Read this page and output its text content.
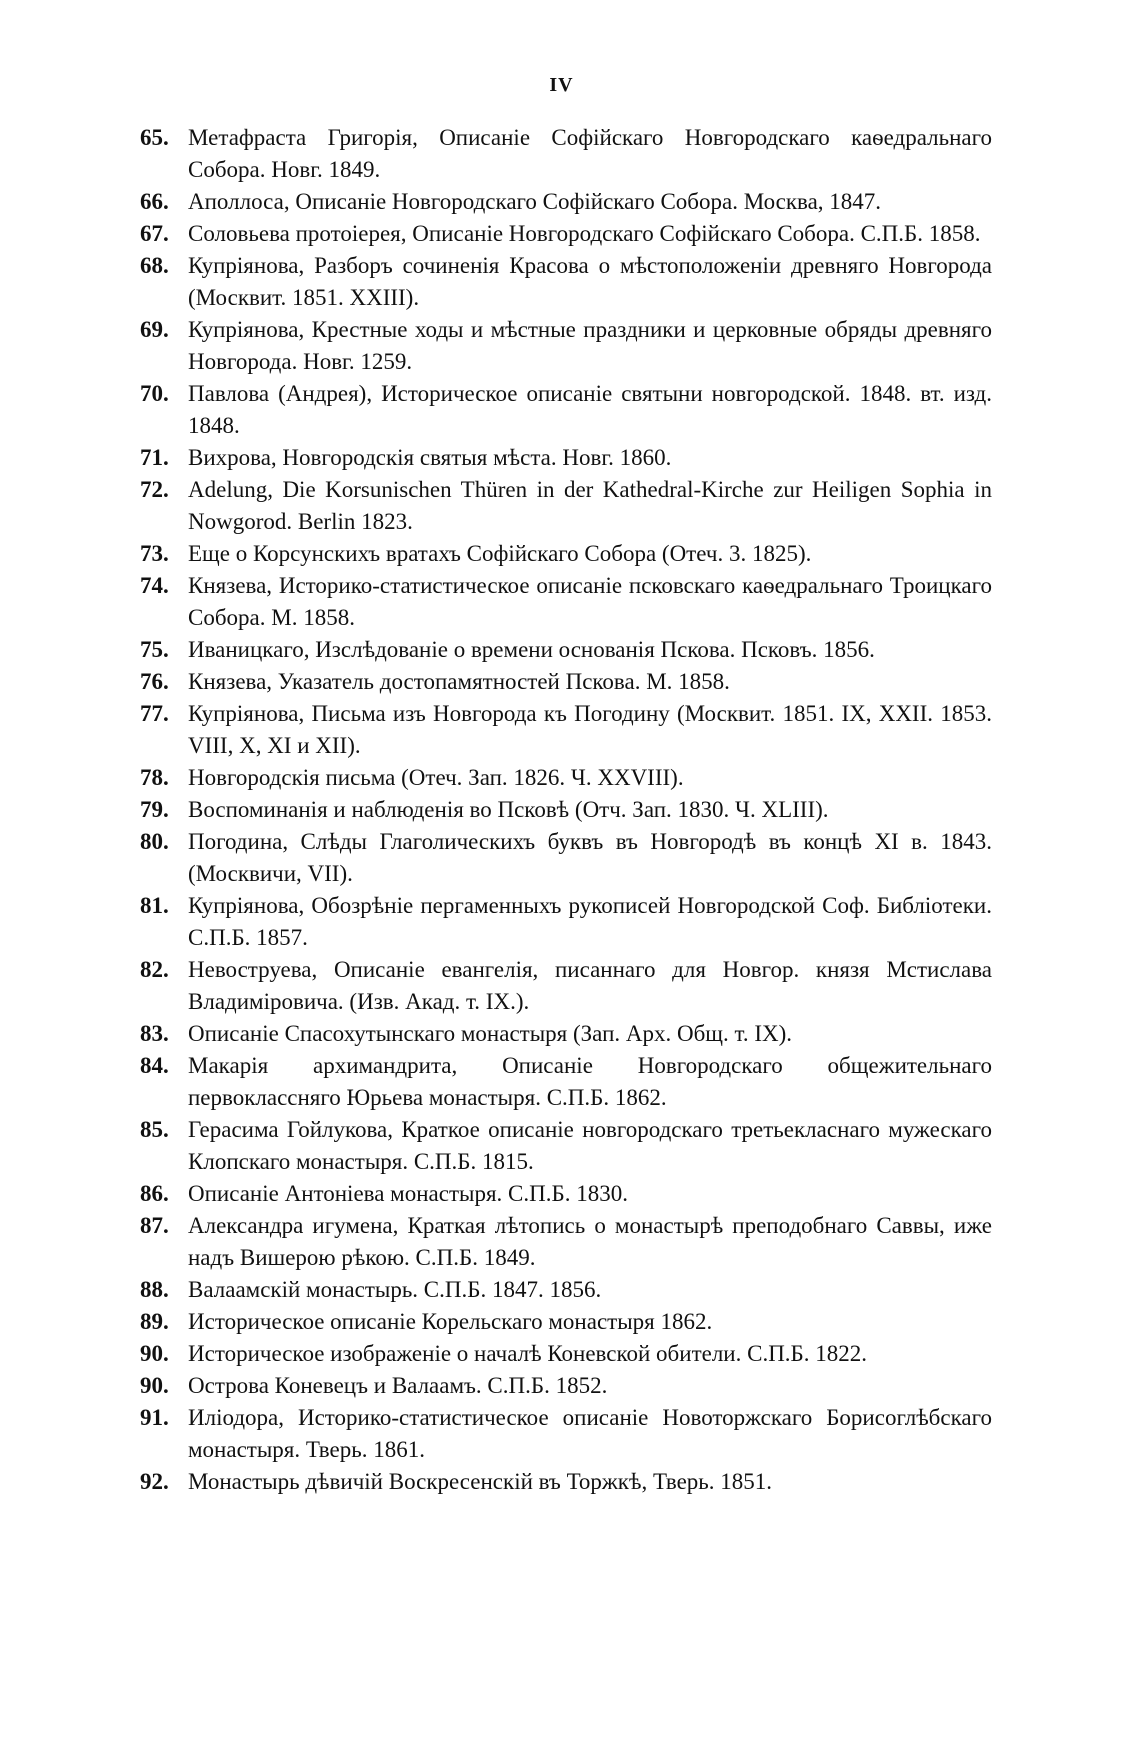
IV
65. Метафраста Григорія, Описаніе Софійскаго Новгородскаго каѳедральнаго Собора. Новг. 1849.
66. Аполлоса, Описаніе Новгородскаго Софійскаго Собора. Москва, 1847.
67. Соловьева протоіерея, Описаніе Новгородскаго Софійскаго Собора. С.П.Б. 1858.
68. Купріянова, Разборъ сочиненія Красова о мѣстоположеніи древняго Новгорода (Москвит. 1851. XXIII).
69. Купріянова, Крестные ходы и мѣстные праздники и церковные обряды древняго Новгорода. Новг. 1259.
70. Павлова (Андрея), Историческое описаніе святыни новгородской. 1848. вт. изд. 1848.
71. Вихрова, Новгородскія святыя мѣста. Новг. 1860.
72. Adelung, Die Korsunischen Thüren in der Kathedral-Kirche zur Heiligen Sophia in Nowgorod. Berlin 1823.
73. Еще о Корсунскихъ вратахъ Софійскаго Собора (Отеч. 3. 1825).
74. Князева, Историко-статистическое описаніе псковскаго каѳедральнаго Троицкаго Собора. М. 1858.
75. Иваницкаго, Изслѣдованіе о времени основанія Пскова. Псковъ. 1856.
76. Князева, Указатель достопамятностей Пскова. М. 1858.
77. Купріянова, Письма изъ Новгорода къ Погодину (Москвит. 1851. IX, XXII. 1853. VIII, X, XI и XII).
78. Новгородскія письма (Отеч. Зап. 1826. Ч. XXVIII).
79. Воспоминанія и наблюденія во Псковѣ (Отч. Зап. 1830. Ч. XLIII).
80. Погодина, Слѣды Глаголическихъ буквъ въ Новгородѣ въ концѣ XI в. 1843. (Москвичи, VII).
81. Купріянова, Обозрѣніе пергаменныхъ рукописей Новгородской Соф. Библіотеки. С.П.Б. 1857.
82. Невоструева, Описаніе евангелія, писаннаго для Новгор. князя Мстислава Владиміровича. (Изв. Акад. т. IX.).
83. Описаніе Спасохутынскаго монастыря (Зап. Арх. Общ. т. IX).
84. Макарія архимандрита, Описаніе Новгородскаго общежительнаго первоклассняго Юрьева монастыря. С.П.Б. 1862.
85. Герасима Гойлукова, Краткое описаніе новгородскаго третьекласнаго мужескаго Клопскаго монастыря. С.П.Б. 1815.
86. Описаніе Антоніева монастыря. С.П.Б. 1830.
87. Александра игумена, Краткая лѣтопись о монастырѣ преподобнаго Саввы, иже надъ Вишерою рѣкою. С.П.Б. 1849.
88. Валаамскій монастырь. С.П.Б. 1847. 1856.
89. Историческое описаніе Корельскаго монастыря 1862.
90. Историческое изображеніе о началѣ Коневской обители. С.П.Б. 1822.
90. Острова Коневецъ и Валаамъ. С.П.Б. 1852.
91. Иліодора, Историко-статистическое описаніе Новоторжскаго Борисоглѣбскаго монастыря. Тверь. 1861.
92. Монастырь дѣвичій Воскресенскій въ Торжкѣ, Тверь. 1851.
